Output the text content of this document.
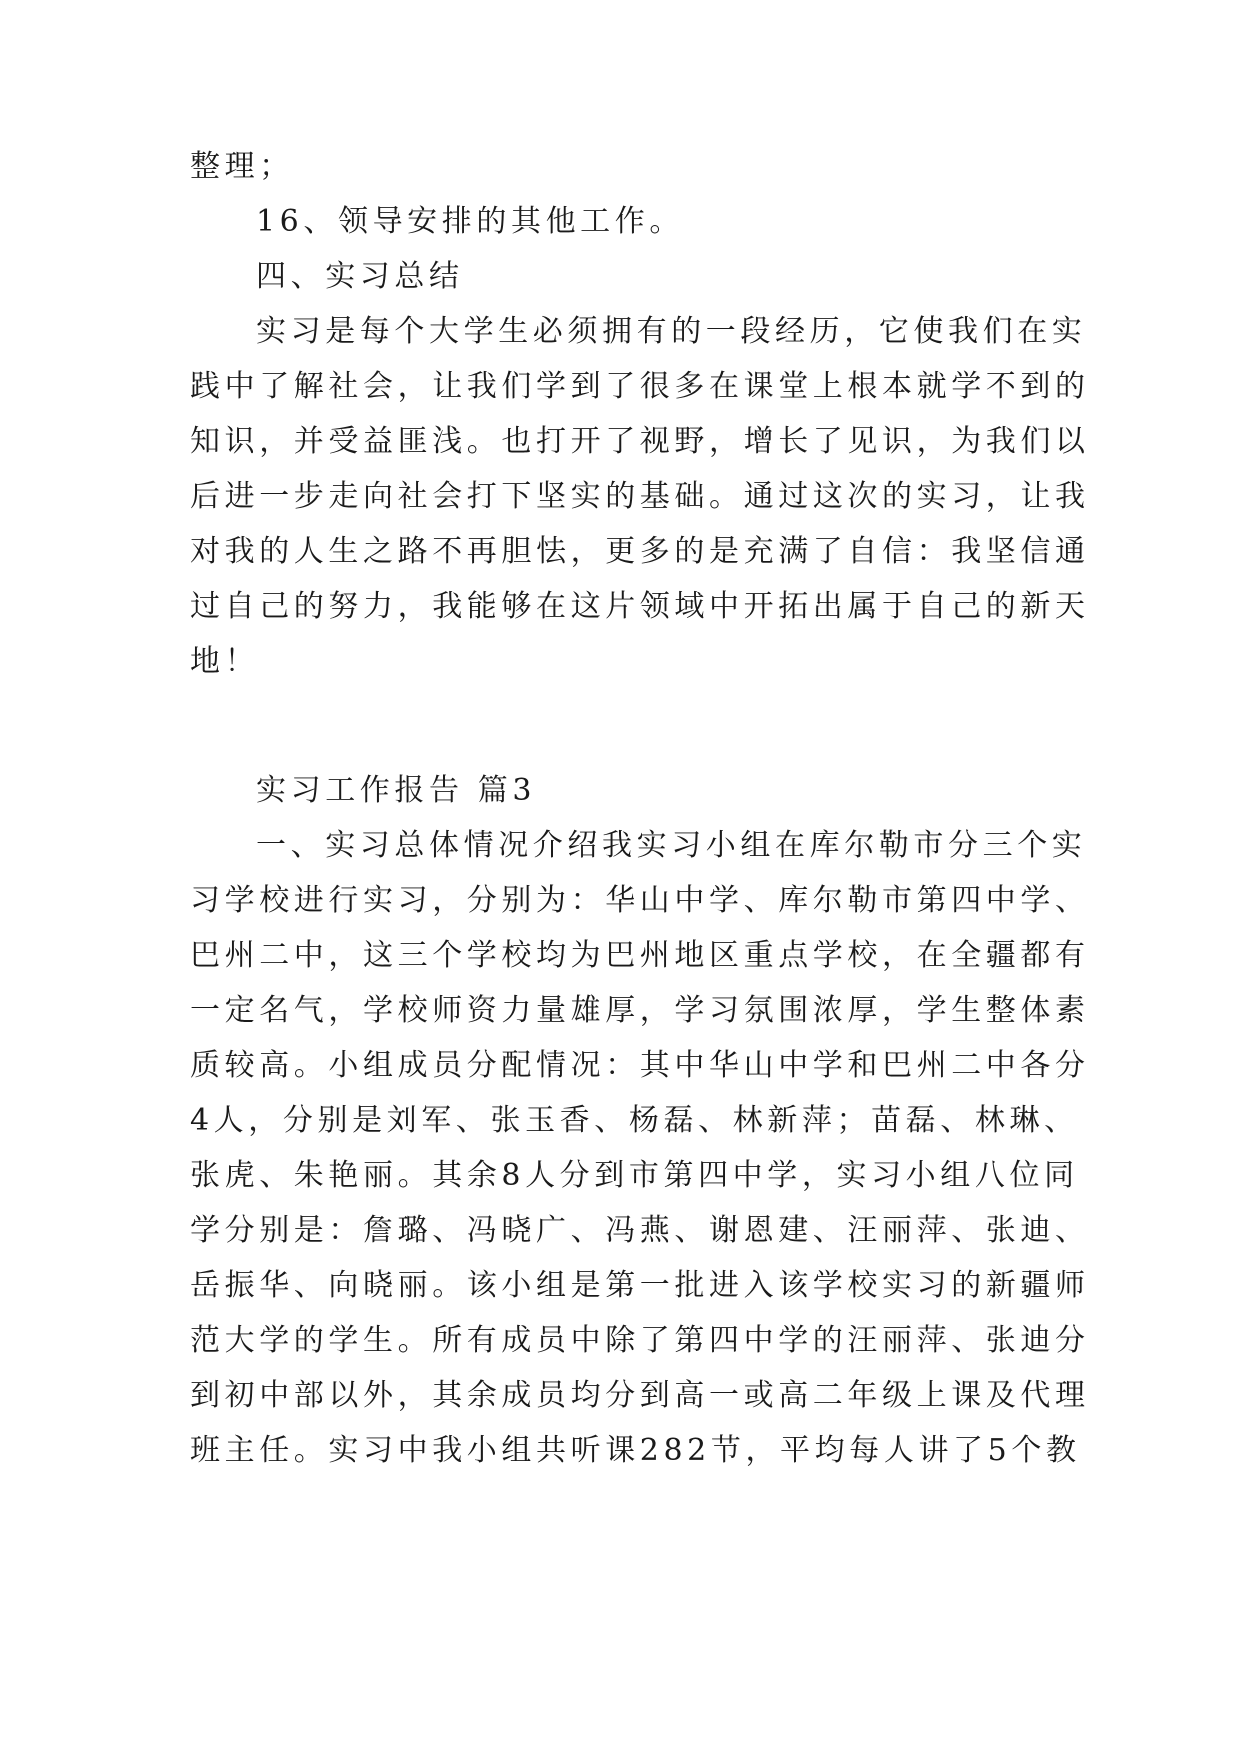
整理；
16、领导安排的其他工作。
四、实习总结
实习是每个大学生必须拥有的一段经历，它使我们在实
践中了解社会，让我们学到了很多在课堂上根本就学不到的
知识，并受益匪浅。也打开了视野，增长了见识，为我们以
后进一步走向社会打下坚实的基础。通过这次的实习，让我
对我的人生之路不再胆怯，更多的是充满了自信：我坚信通
过自己的努力，我能够在这片领域中开拓出属于自己的新天
地！
实习工作报告 篇3
一、实习总体情况介绍我实习小组在库尔勒市分三个实
习学校进行实习，分别为：华山中学、库尔勒市第四中学、
巴州二中，这三个学校均为巴州地区重点学校，在全疆都有
一定名气，学校师资力量雄厚，学习氛围浓厚，学生整体素
质较高。小组成员分配情况：其中华山中学和巴州二中各分
4人，分别是刘军、张玉香、杨磊、林新萍；苗磊、林琳、
张虎、朱艳丽。其余8人分到市第四中学，实习小组八位同
学分别是：詹璐、冯晓广、冯燕、谢恩建、汪丽萍、张迪、
岳振华、向晓丽。该小组是第一批进入该学校实习的新疆师
范大学的学生。所有成员中除了第四中学的汪丽萍、张迪分
到初中部以外，其余成员均分到高一或高二年级上课及代理
班主任。实习中我小组共听课282节，平均每人讲了5个教
